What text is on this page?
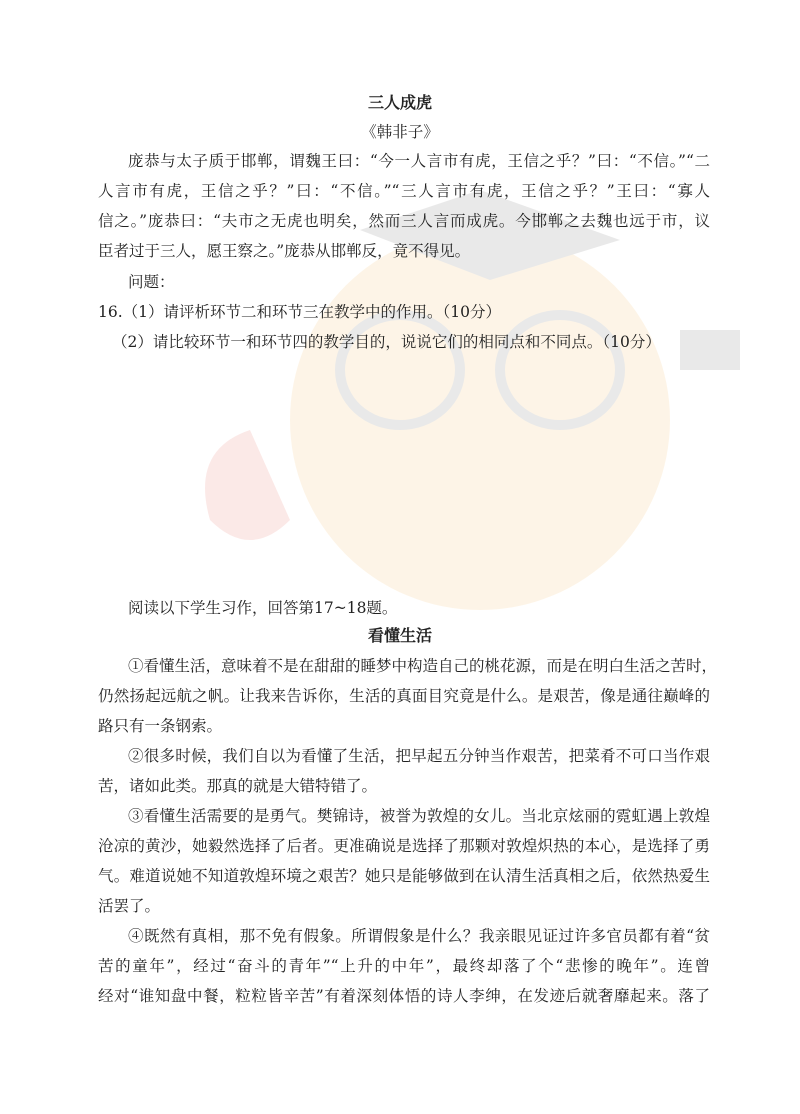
三人成虎
《韩非子》
庞恭与太子质于邯郸，谓魏王曰：“今一人言市有虎，王信之乎？”曰：“不信。”“二
人言市有虎，王信之乎？”曰：“不信。”“三人言市有虎，王信之乎？”王曰：“寡人
信之。”庞恭曰：“夫市之无虎也明矣，然而三人言而成虎。今邯郸之去魏也远于市，议
臣者过于三人，愿王察之。”庞恭从邯郸反，竟不得见。
问题：
16.（1）请评析环节二和环节三在教学中的作用。（10分）
（2）请比较环节一和环节四的教学目的，说说它们的相同点和不同点。（10分）
阅读以下学生习作，回答第17~18题。
看懂生活
①看懂生活，意味着不是在甜甜的睡梦中构造自己的桃花源，而是在明白生活之苦时，
仍然扬起远航之帆。让我来告诉你，生活的真面目究竟是什么。是艰苦，像是通往巅峰的
路只有一条钢索。
②很多时候，我们自以为看懂了生活，把早起五分钟当作艰苦，把菜肴不可口当作艰
苦，诸如此类。那真的就是大错特错了。
③看懂生活需要的是勇气。樊锦诗，被誉为敦煌的女儿。当北京炫丽的霓虹遇上敦煌
沧凉的黄沙，她毅然选择了后者。更准确说是选择了那颗对敦煌炽热的本心，是选择了勇
气。难道说她不知道敦煌环境之艰苦？她只是能够做到在认清生活真相之后，依然热爱生
活罢了。
④既然有真相，那不免有假象。所谓假象是什么？我亲眼见证过许多官员都有着“贫
苦的童年”，经过“奋斗的青年”“上升的中年”，最终却落了个“悲惨的晚年”。连曾
经对“谁知盘中餐，粒粒皆辛苦”有着深刻体悟的诗人李绅，在发迹后就奢靡起来。落了
